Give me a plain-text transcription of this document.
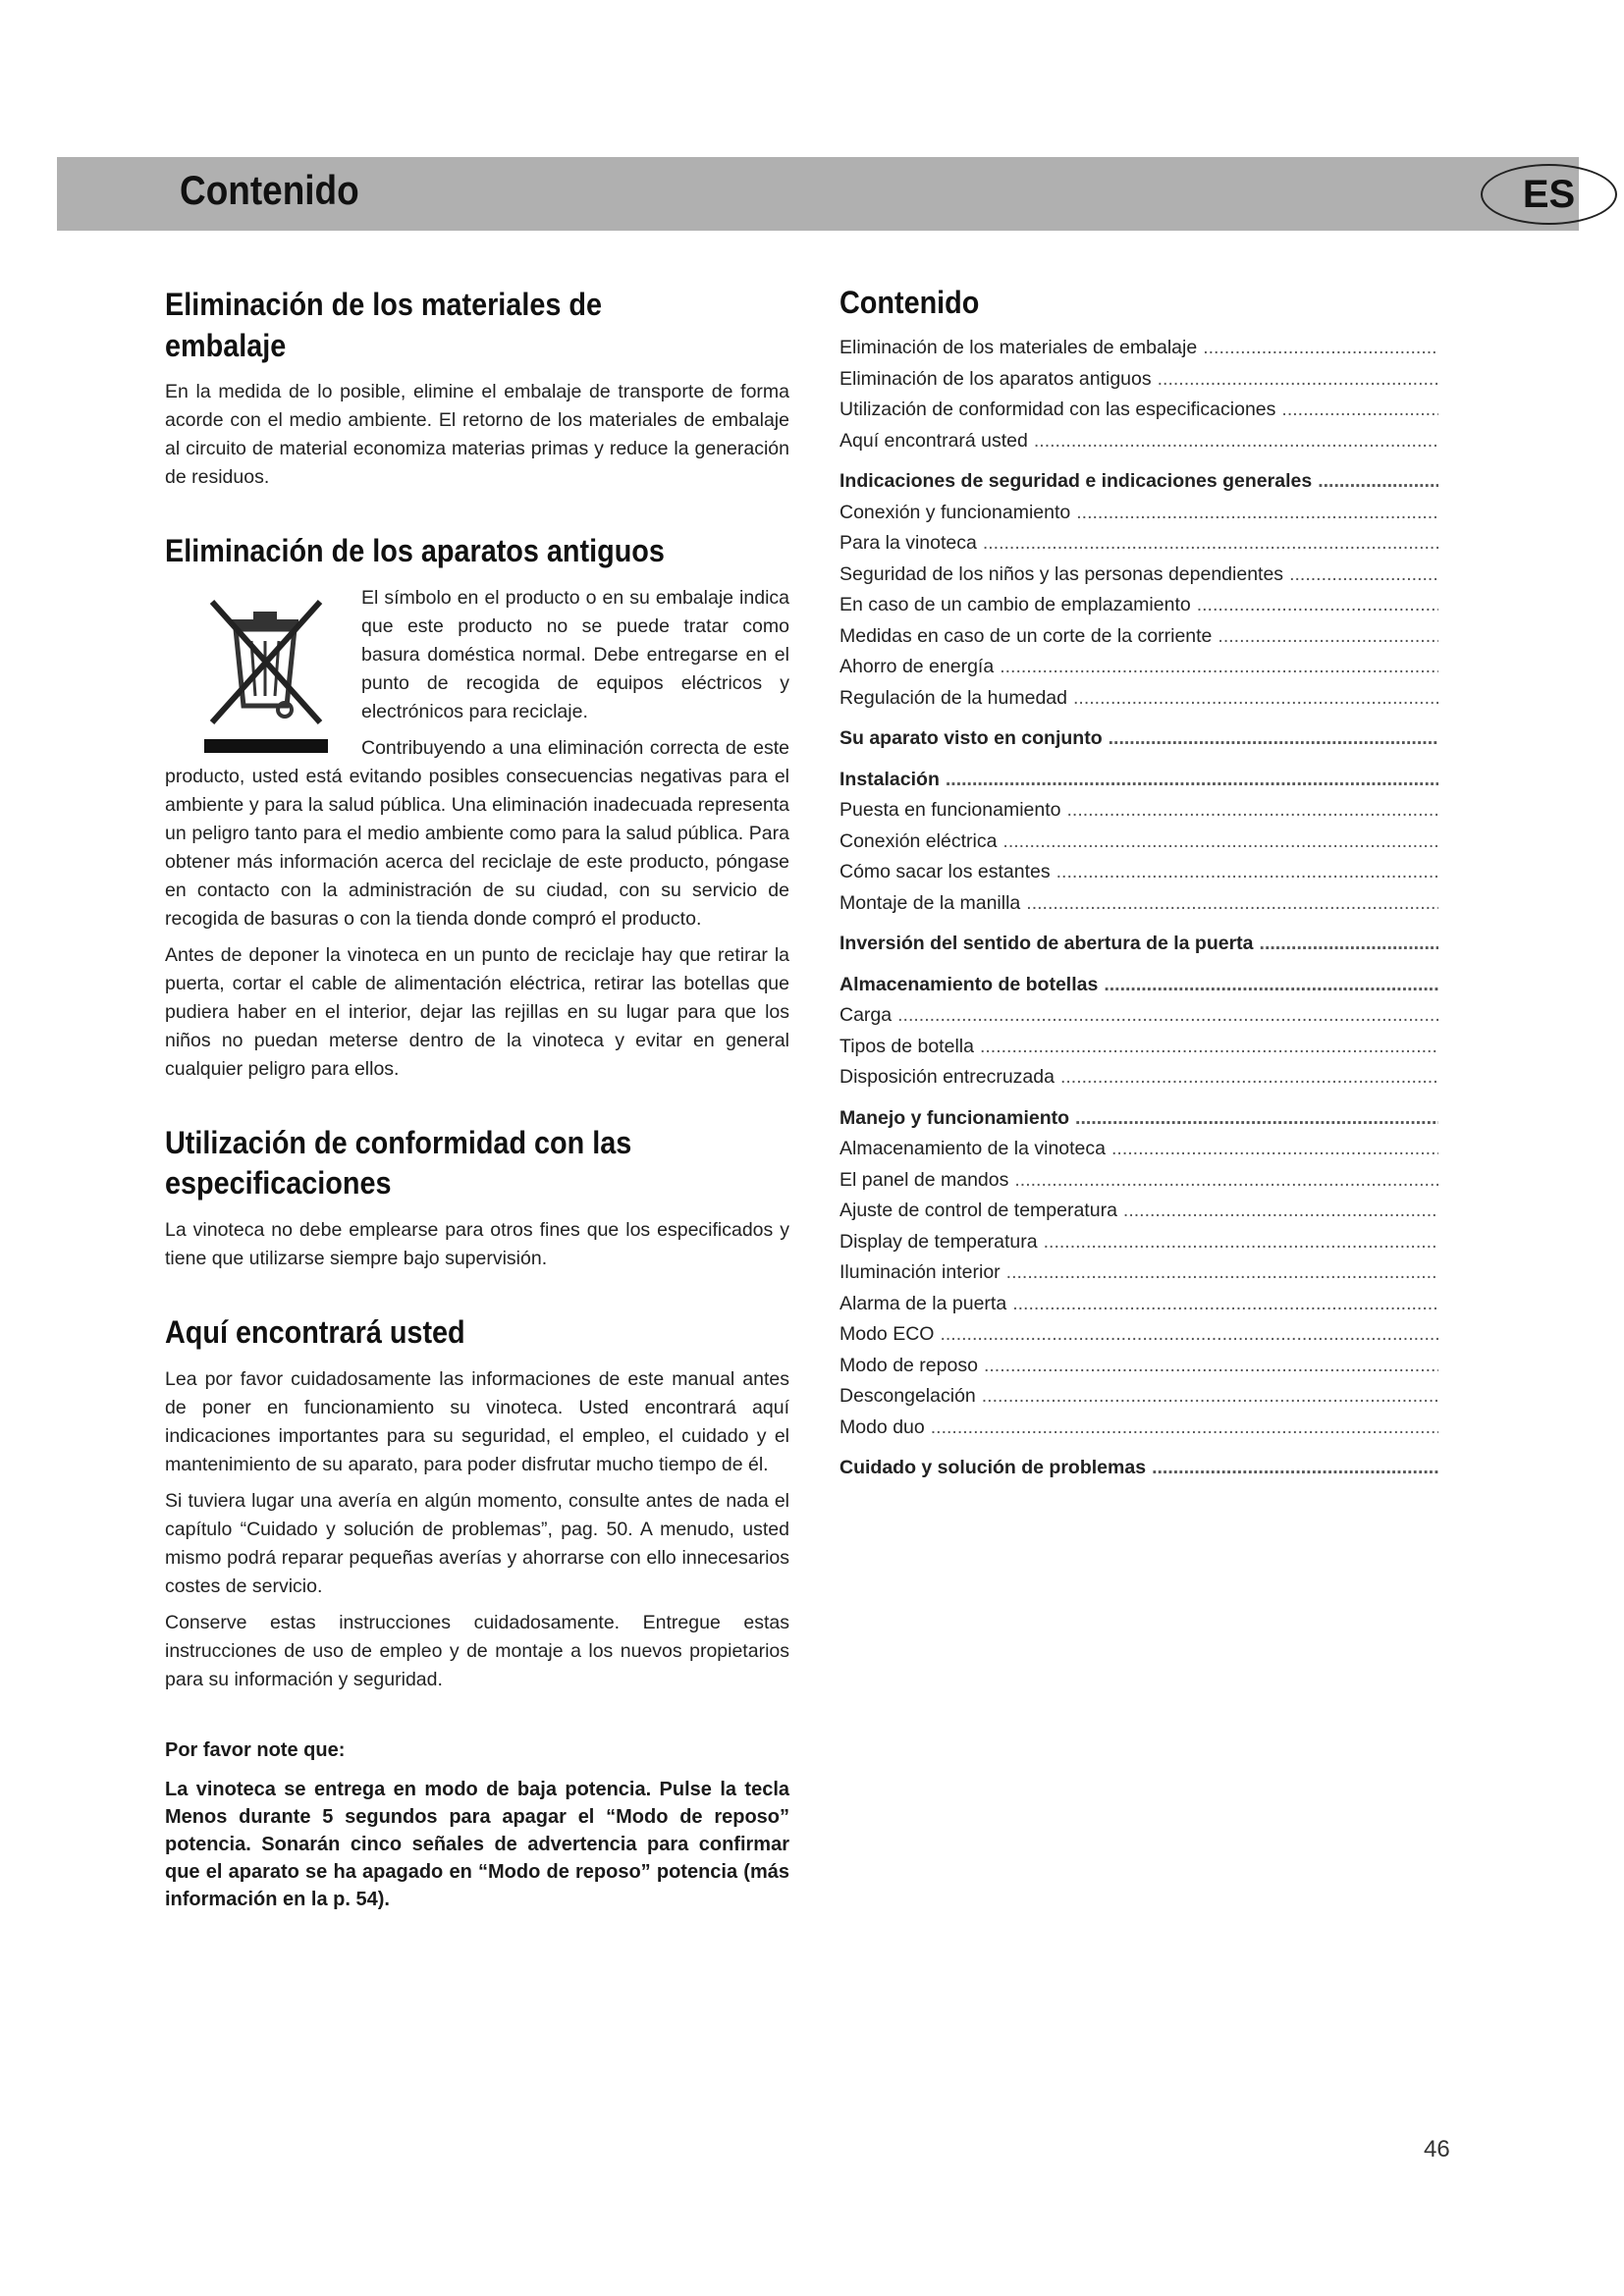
Contenido	ES
Eliminación de los materiales de embalaje

En la medida de lo posible, elimine el embalaje de transporte de forma acorde con el medio ambiente. El retorno de los materiales de embalaje al circuito de material economiza materias primas y reduce la generación de residuos.

Eliminación de los aparatos antiguos

El símbolo en el producto o en su embalaje indica que este producto no se puede tratar como basura doméstica normal. Debe entregarse en el punto de recogida de equipos eléctricos y electrónicos para reciclaje.

Contribuyendo a una eliminación correcta de este producto, usted está evitando posibles consecuencias negativas para el ambiente y para la salud pública. Una eliminación inadecuada representa un peligro tanto para el medio ambiente como para la salud pública. Para obtener más información acerca del reciclaje de este producto, póngase en contacto con la administración de su ciudad, con su servicio de recogida de basuras o con la tienda donde compró el producto.

Antes de deponer la vinoteca en un punto de reciclaje hay que retirar la puerta, cortar el cable de alimentación eléctrica, retirar las botellas que pudiera haber en el interior, dejar las rejillas en su lugar para que los niños no puedan meterse dentro de la vinoteca y evitar en general cualquier peligro para ellos.

Utilización de conformidad con las especificaciones

La vinoteca no debe emplearse para otros fines que los especificados y tiene que utilizarse siempre bajo supervisión.

Aquí encontrará usted

Lea por favor cuidadosamente las informaciones de este manual antes de poner en funcionamiento su vinoteca. Usted encontrará aquí indicaciones importantes para su seguridad, el empleo, el cuidado y el mantenimiento de su aparato, para poder disfrutar mucho tiempo de él.

Si tuviera lugar una avería en algún momento, consulte antes de nada el capítulo “Cuidado y solución de problemas”, pag. 50. A menudo, usted mismo podrá reparar pequeñas averías y ahorrarse con ello innecesarios costes de servicio.

Conserve estas instrucciones cuidadosamente. Entregue estas instrucciones de uso de empleo y de montaje a los nuevos propietarios para su información y seguridad.

Por favor note que:
La vinoteca se entrega en modo de baja potencia. Pulse la tecla Menos durante 5 segundos para apagar el “Modo de reposo” potencia. Sonarán cinco señales de advertencia para confirmar que el aparato se ha apagado en “Modo de reposo” potencia (más información en la p. 54).
Contenido
Eliminación de los materiales de embalaje
.....
Eliminación de los aparatos antiguos
.....
Utilización de conformidad con las especificaciones
.....
Aquí encontrará usted
.....
Indicaciones de seguridad e indicaciones generales
.....
Conexión y funcionamiento
.....
Para la vinoteca
.....
Seguridad de los niños y las personas dependientes
.....
En caso de un cambio de emplazamiento
.....
Medidas en caso de un corte de la corriente
.....
Ahorro de energía
.....
Regulación de la humedad
.....
Su aparato visto en conjunto
.....
Instalación
.....
Puesta en funcionamiento
.....
Conexión eléctrica
.....
Cómo sacar los estantes
.....
Montaje de la manilla
.....
Inversión del sentido de abertura de la puerta
.....
Almacenamiento de botellas
.....
Carga
.....
Tipos de botella
.....
Disposición entrecruzada
.....
Manejo y funcionamiento
.....
Almacenamiento de la vinoteca
.....
El panel de mandos
.....
Ajuste de control de temperatura
.....
Display de temperatura
.....
Iluminación interior
.....
Alarma de la puerta
.....
Modo ECO
.....
Modo de reposo
.....
Descongelación
.....
Modo duo
.....
Cuidado y solución de problemas
.....
46
